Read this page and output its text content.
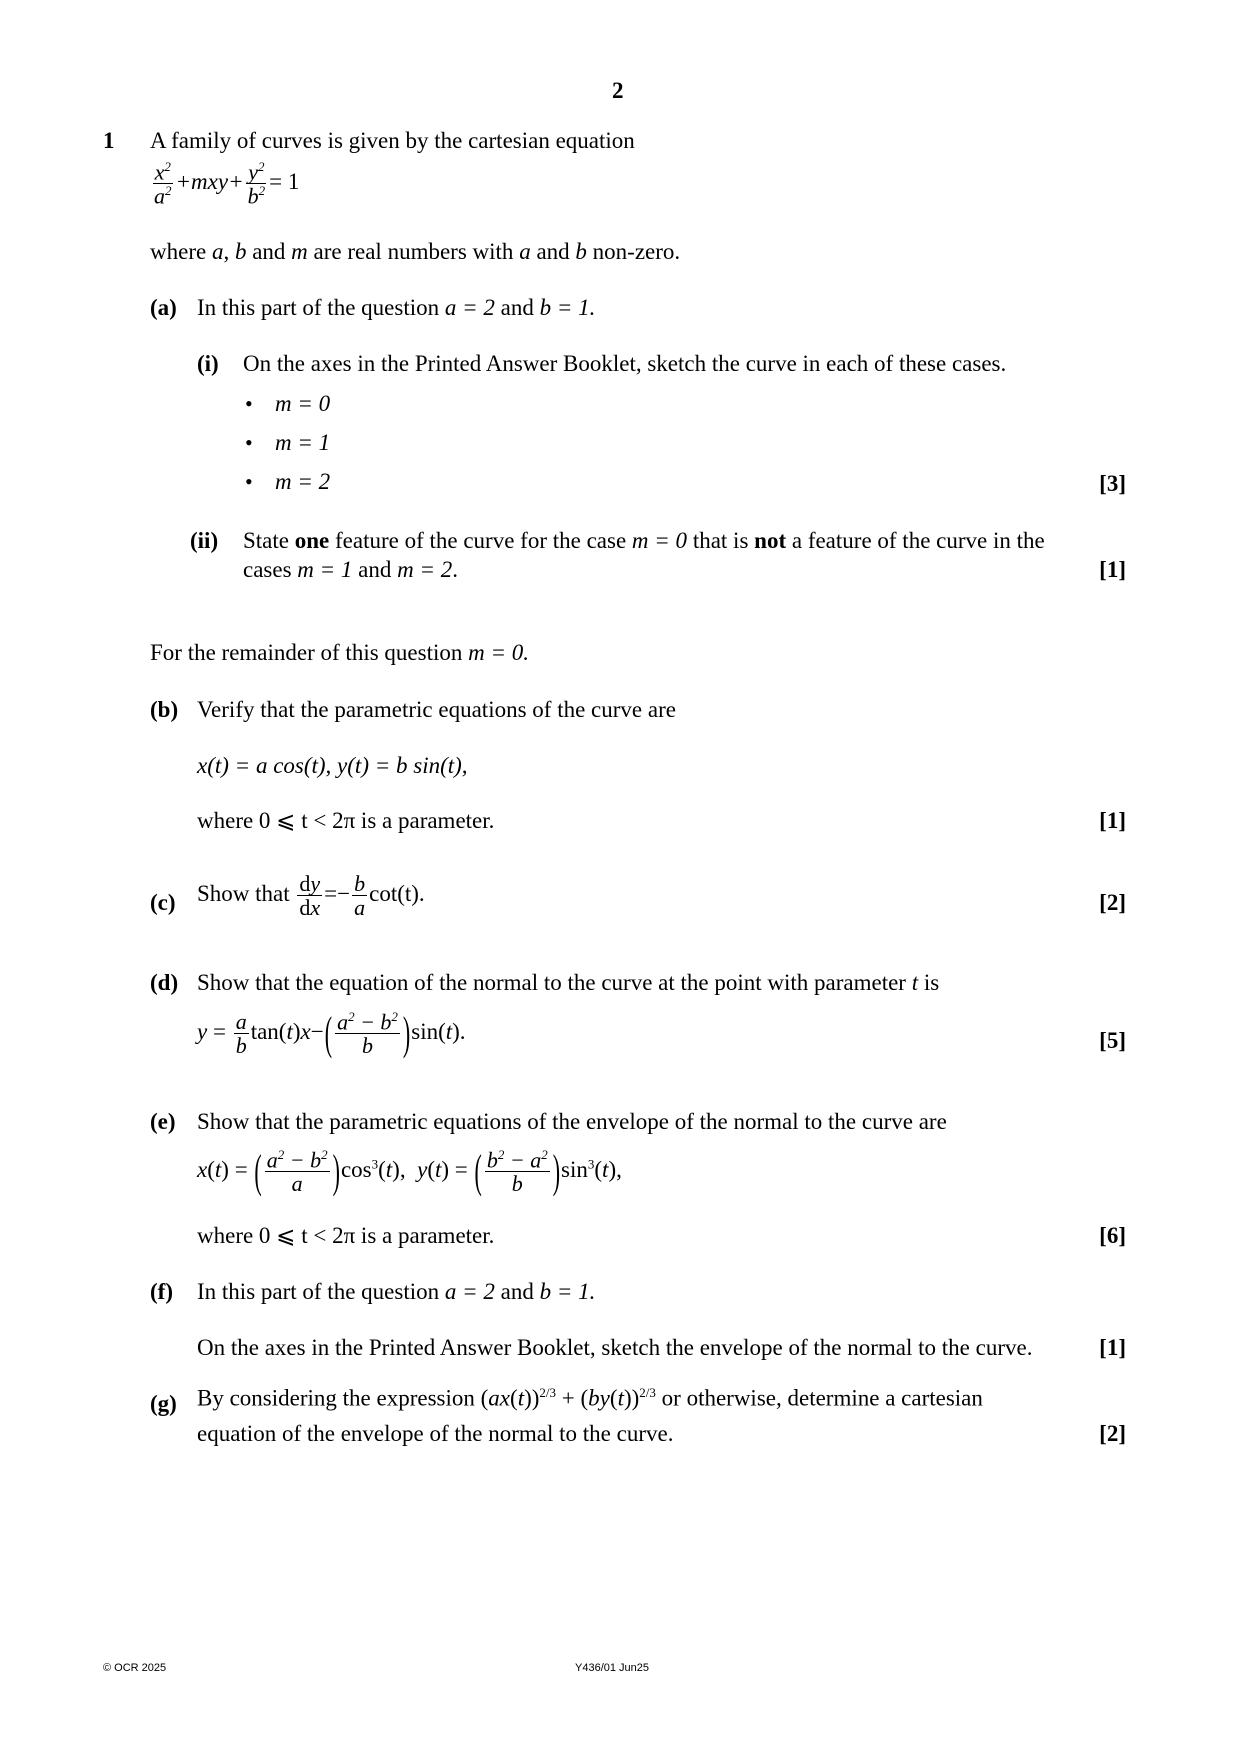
2
1 A family of curves is given by the cartesian equation
$\frac{x^2}{a^2} +mxy+ \frac{y^2}{b^2} = 1$
where a, b and m are real numbers with a and b non-zero.
(a) In this part of the question a = 2 and b = 1.
(i) On the axes in the Printed Answer Booklet, sketch the curve in each of these cases.
• m = 0
• m = 1
• m = 2	[3]
(ii) State one feature of the curve for the case m = 0 that is not a feature of the curve in the
cases m = 1 and m = 2.	[1]
For the remainder of this question m = 0.
(b) Verify that the parametric equations of the curve are
x(t) = a cos(t), y(t) = b sin(t),
where 0 ⩽ t < 2π is a parameter.	[1]
(c) Show that $\frac{dy}{dx} =- \frac{b}{a} \cot(t)$.	[2]
(d) Show that the equation of the normal to the curve at the point with parameter t is
$y = \frac{a}{b} \tan(t)x-( \frac{a^2 - b^2}{b} )\sin(t)$.	[5]
(e) Show that the parametric equations of the envelope of the normal to the curve are
x(t) = ( $\frac{a^2 - b^2}{a} )\cos^3(t)$,  y(t) = ( $\frac{b^2 - a^2}{b} )\sin^3(t)$,
where 0 ⩽ t < 2π is a parameter.	[6]
(f) In this part of the question a = 2 and b = 1.
On the axes in the Printed Answer Booklet, sketch the envelope of the normal to the curve.	[1]
(g) By considering the expression $(ax(t))^{2/3} + (by(t))^{2/3}$ or otherwise, determine a cartesian
equation of the envelope of the normal to the curve.	[2]
© OCR 2025	Y436/01 Jun25
